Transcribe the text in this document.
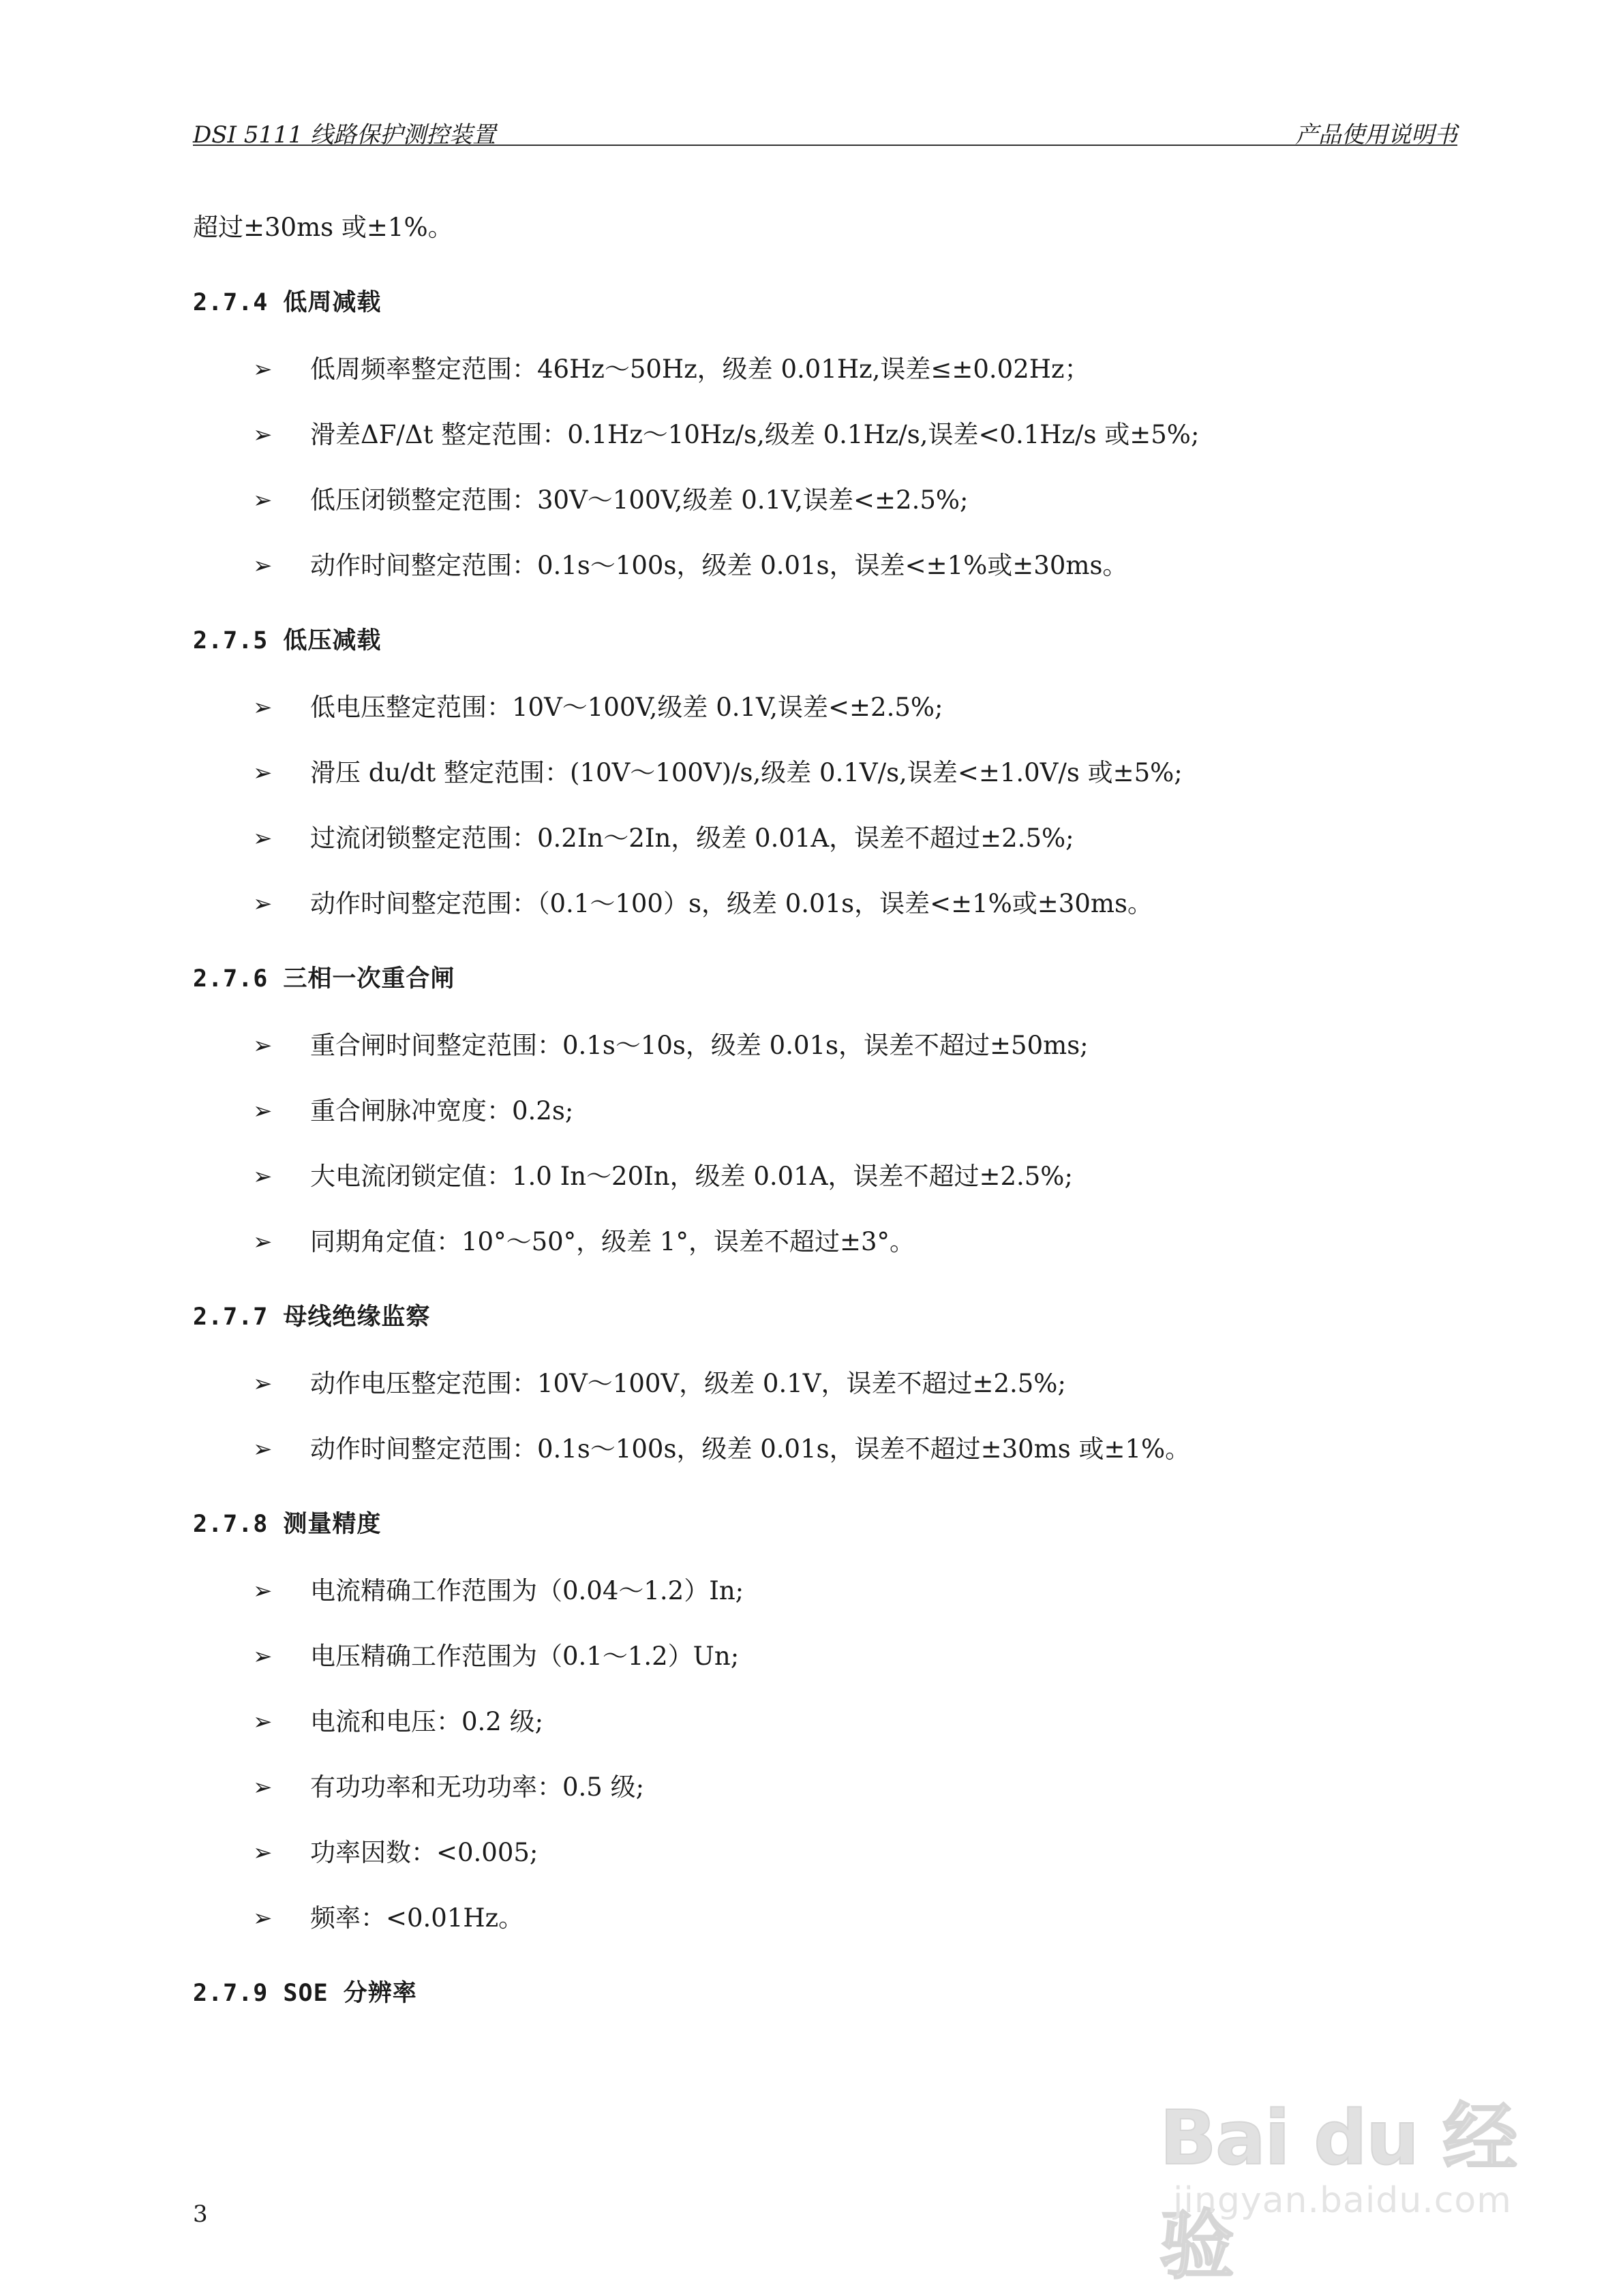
DSI 5111 线路保护测控装置	产品使用说明书

超过±30ms 或±1%。

2.7.4 低周减载
➢ 低周频率整定范围：46Hz～50Hz，级差 0.01Hz,误差≤±0.02Hz；
➢ 滑差ΔF/Δt 整定范围：0.1Hz～10Hz/s,级差 0.1Hz/s,误差<0.1Hz/s 或±5%;
➢ 低压闭锁整定范围：30V～100V,级差 0.1V,误差<±2.5%;
➢ 动作时间整定范围：0.1s～100s，级差 0.01s，误差<±1%或±30ms。
2.7.5 低压减载
➢ 低电压整定范围：10V～100V,级差 0.1V,误差<±2.5%;
➢ 滑压 du/dt 整定范围：(10V～100V)/s,级差 0.1V/s,误差<±1.0V/s 或±5%;
➢ 过流闭锁整定范围：0.2In～2In，级差 0.01A，误差不超过±2.5%;
➢ 动作时间整定范围：（0.1～100）s，级差 0.01s，误差<±1%或±30ms。
2.7.6 三相一次重合闸
➢ 重合闸时间整定范围：0.1s～10s，级差 0.01s，误差不超过±50ms;
➢ 重合闸脉冲宽度：0.2s;
➢ 大电流闭锁定值：1.0 In～20In，级差 0.01A，误差不超过±2.5%;
➢ 同期角定值：10°～50°，级差 1°，误差不超过±3°。
2.7.7 母线绝缘监察
➢ 动作电压整定范围：10V～100V，级差 0.1V，误差不超过±2.5%;
➢ 动作时间整定范围：0.1s～100s，级差 0.01s，误差不超过±30ms 或±1%。
2.7.8 测量精度
➢ 电流精确工作范围为（0.04～1.2）In;
➢ 电压精确工作范围为（0.1～1.2）Un;
➢ 电流和电压：0.2 级;
➢ 有功功率和无功功率：0.5 级;
➢ 功率因数：<0.005;
➢ 频率：<0.01Hz。
2.7.9 SOE 分辨率
3
Bai du 经验
jingyan.baidu.com
